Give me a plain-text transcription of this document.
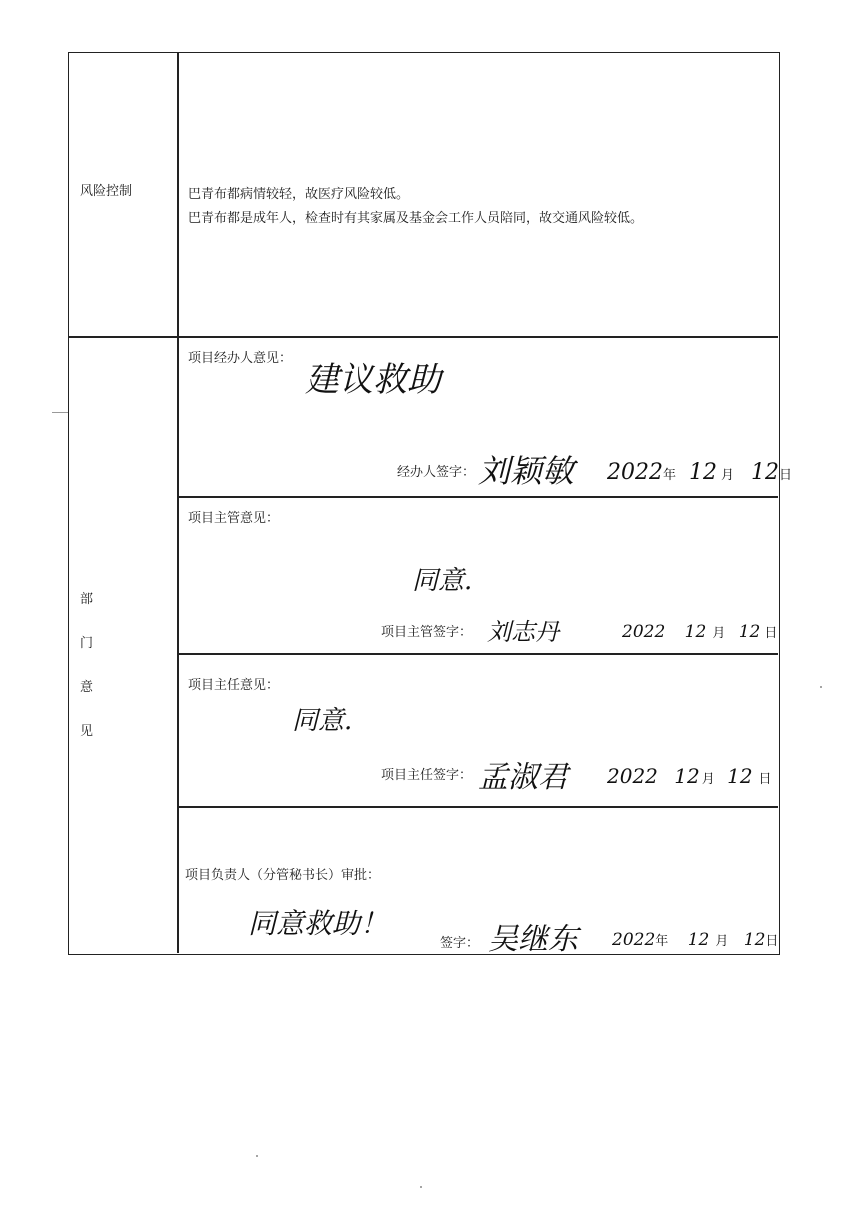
风险控制	巴青布都病情较轻，故医疗风险较低。
巴青布都是成年人，检查时有其家属及基金会工作人员陪同，故交通风险较低。
部
门
意
见
项目经办人意见：
建议救助
经办人签字： 刘颖敏 2022年 12 月 12日
项目主管意见：
同意.
项目主管签字： 刘志丹	2022 12 月 12 日
项目主任意见：
同意.
项目主任签字： 孟淑君 2022 12 月 12 日
项目负责人（分管秘书长）审批：
同意救助！
签字： 吴继东 2022年 12 月 12日
